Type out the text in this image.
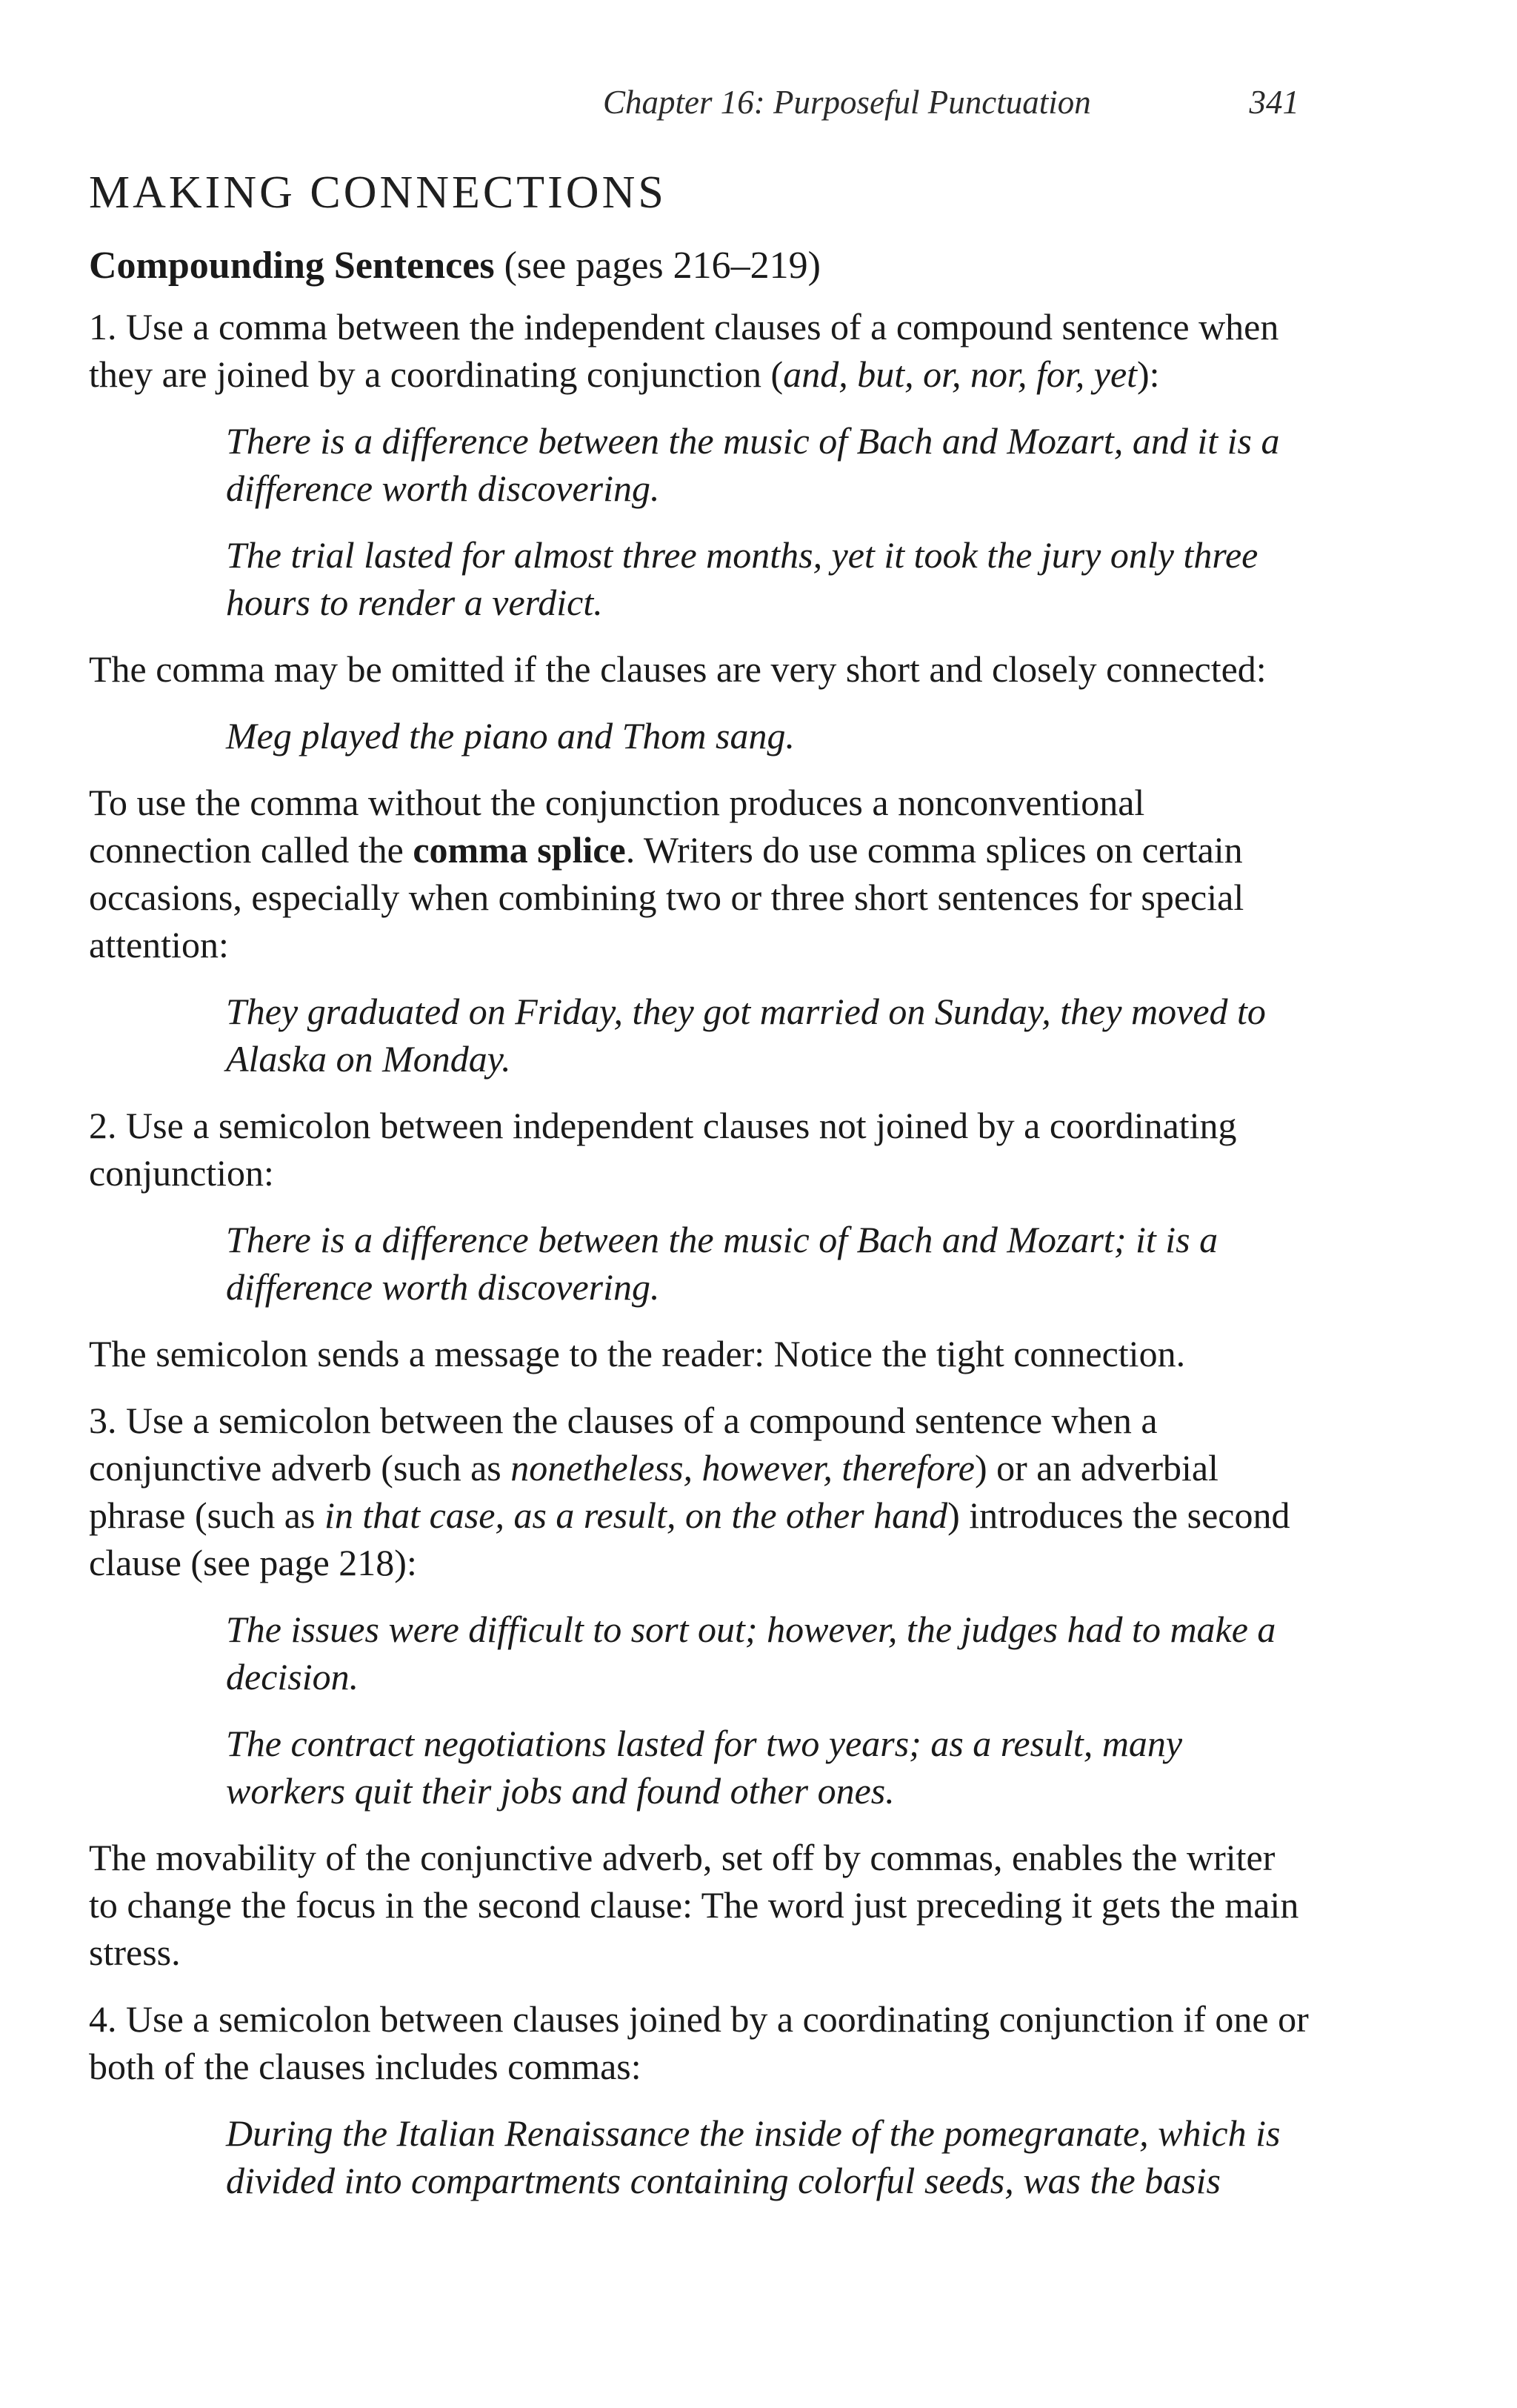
Chapter 16: Purposeful Punctuation	341
MAKING CONNECTIONS
Compounding Sentences (see pages 216–219)

1. Use a comma between the independent clauses of a compound sentence when they are joined by a coordinating conjunction (and, but, or, nor, for, yet):

There is a difference between the music of Bach and Mozart, and it is a difference worth discovering.

The trial lasted for almost three months, yet it took the jury only three hours to render a verdict.

The comma may be omitted if the clauses are very short and closely connected:

Meg played the piano and Thom sang.

To use the comma without the conjunction produces a nonconventional connection called the comma splice. Writers do use comma splices on certain occasions, especially when combining two or three short sentences for special attention:

They graduated on Friday, they got married on Sunday, they moved to Alaska on Monday.

2. Use a semicolon between independent clauses not joined by a coordinating conjunction:

There is a difference between the music of Bach and Mozart; it is a difference worth discovering.

The semicolon sends a message to the reader: Notice the tight connection.

3. Use a semicolon between the clauses of a compound sentence when a conjunctive adverb (such as nonetheless, however, therefore) or an adverbial phrase (such as in that case, as a result, on the other hand) introduces the second clause (see page 218):

The issues were difficult to sort out; however, the judges had to make a decision.

The contract negotiations lasted for two years; as a result, many workers quit their jobs and found other ones.

The movability of the conjunctive adverb, set off by commas, enables the writer to change the focus in the second clause: The word just preceding it gets the main stress.

4. Use a semicolon between clauses joined by a coordinating conjunction if one or both of the clauses includes commas:

During the Italian Renaissance the inside of the pomegranate, which is divided into compartments containing colorful seeds, was the basis
